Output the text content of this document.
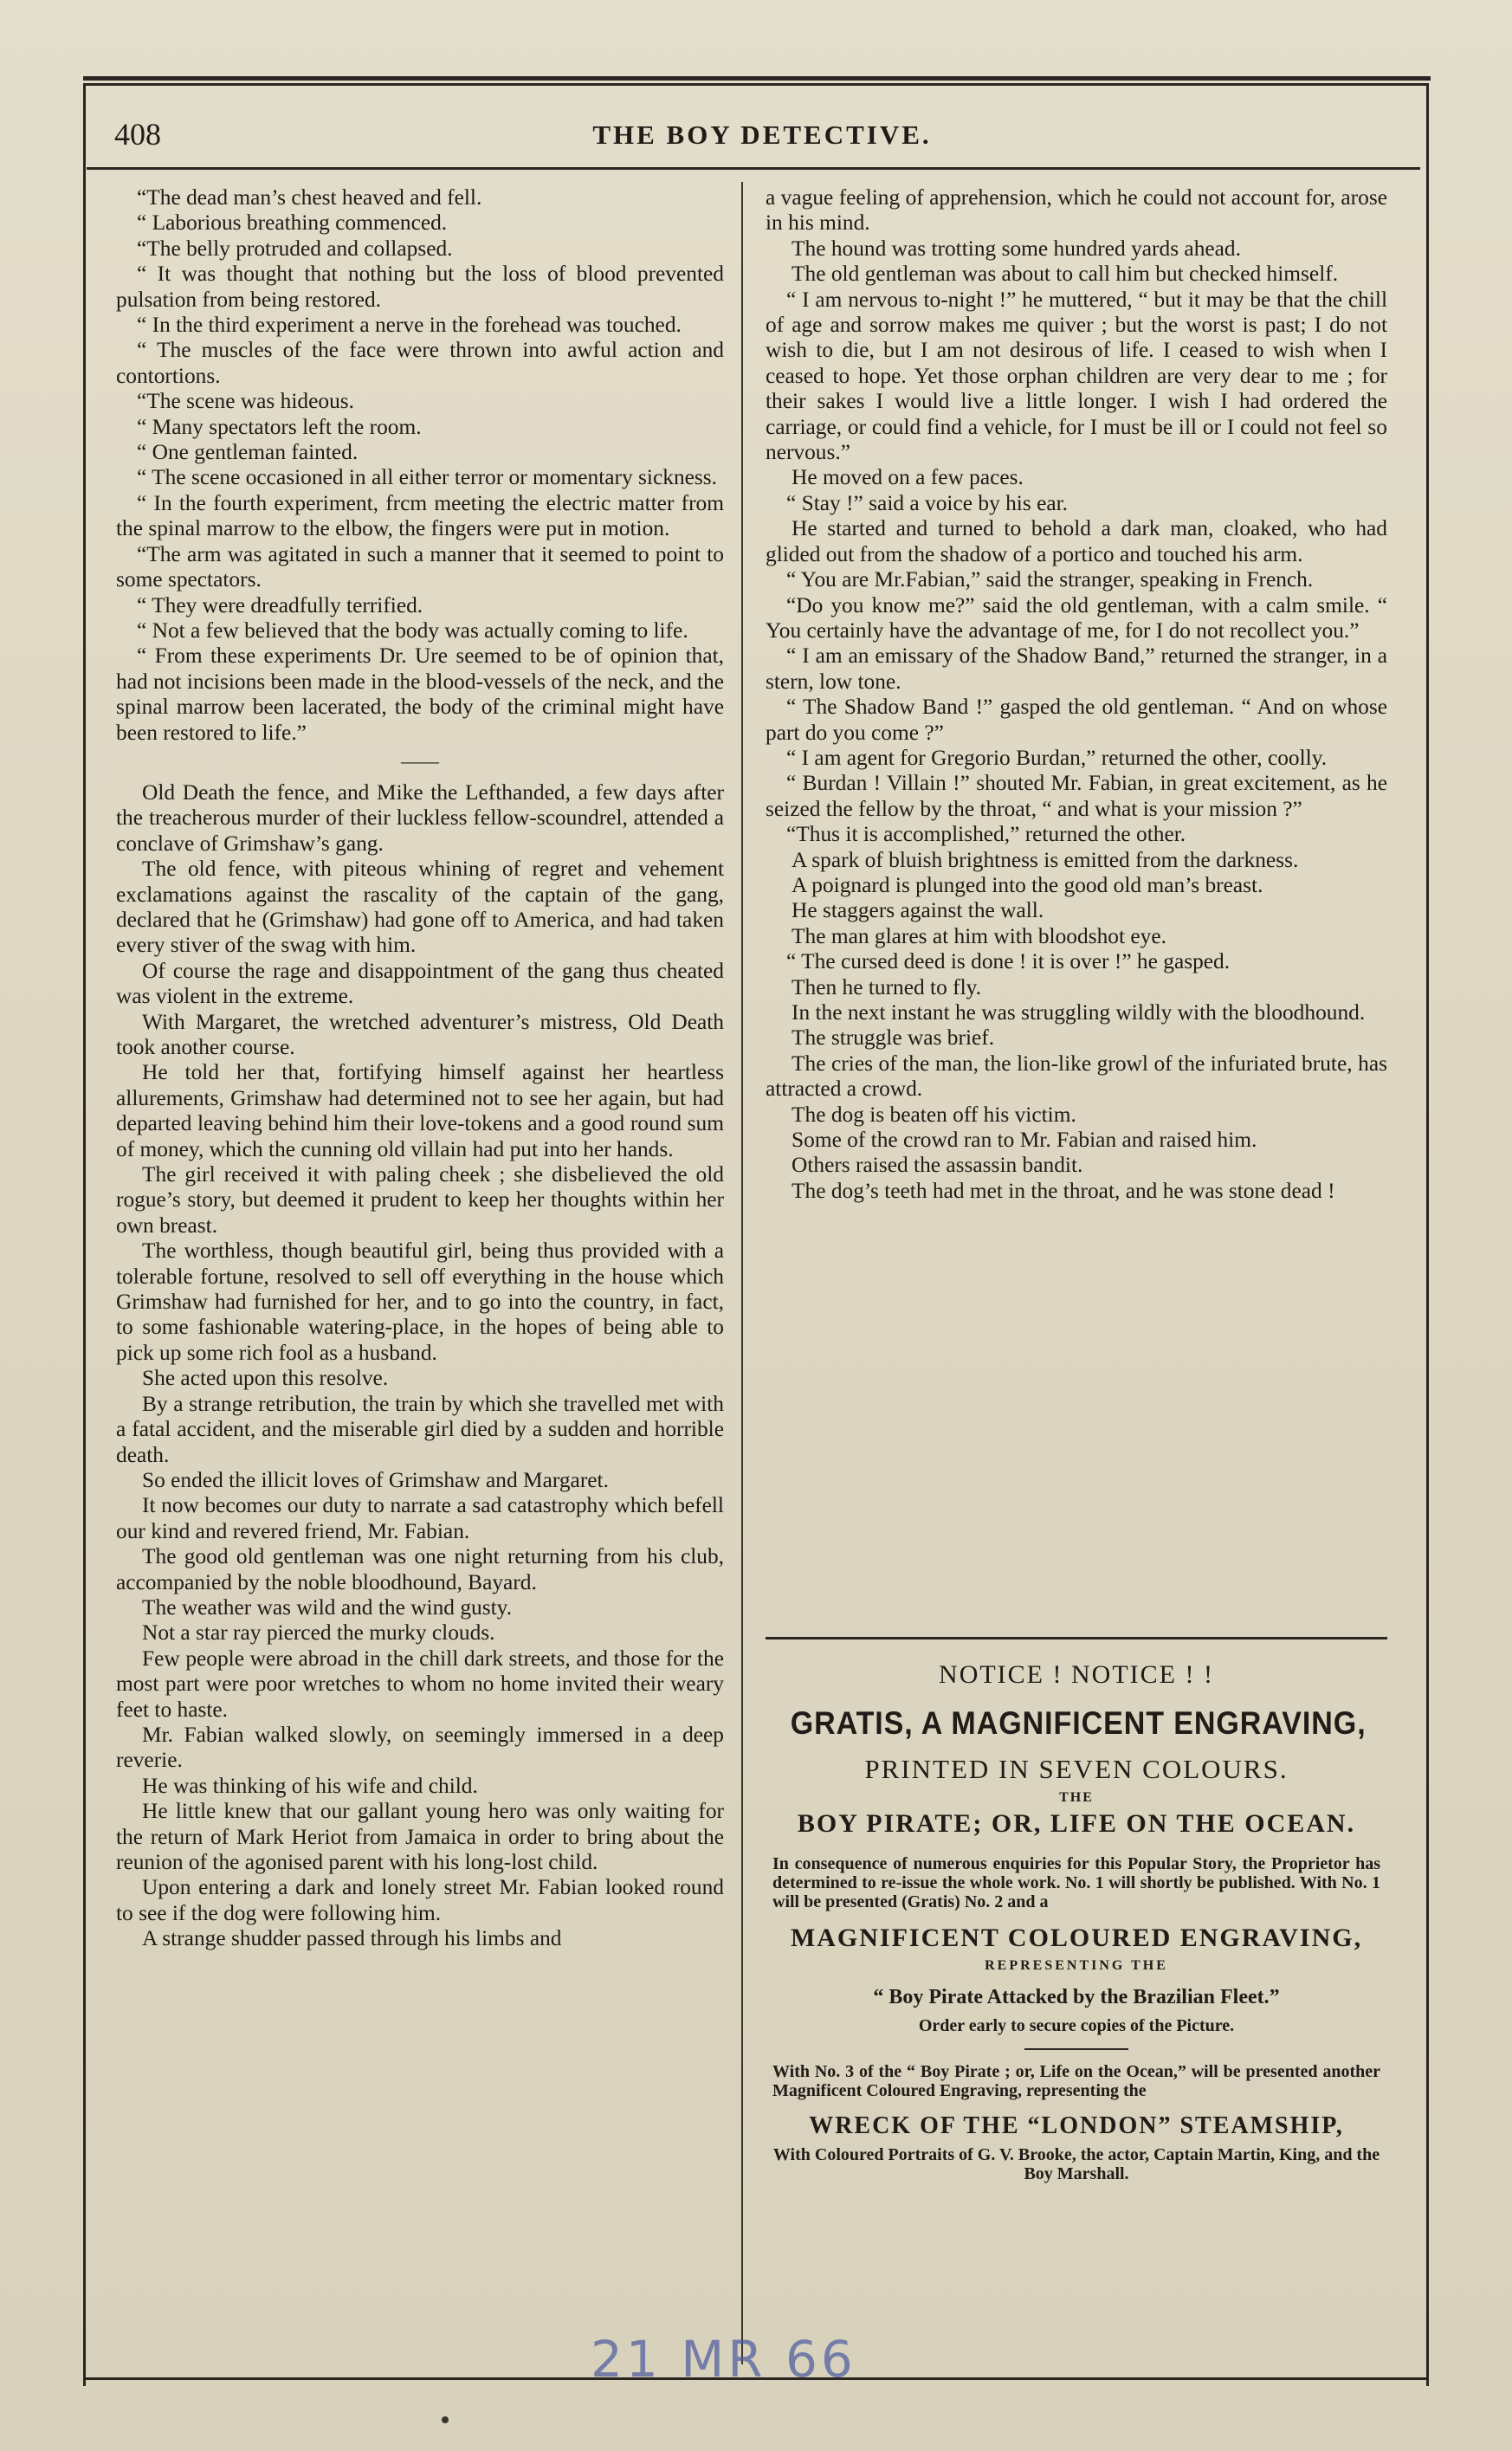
408	THE BOY DETECTIVE.

“The dead man’s chest heaved and fell.

“ Laborious breathing commenced.

“The belly protruded and collapsed.

“ It was thought that nothing but the loss of blood prevented pulsation from being restored.

“ In the third experiment a nerve in the forehead was touched.

“ The muscles of the face were thrown into awful action and contortions.

“The scene was hideous.

“ Many spectators left the room.

“ One gentleman fainted.

“ The scene occasioned in all either terror or momentary sickness.

“ In the fourth experiment, frcm meeting the electric matter from the spinal marrow to the elbow, the fingers were put in motion.

“The arm was agitated in such a manner that it seemed to point to some spectators.

“ They were dreadfully terrified.

“ Not a few believed that the body was actually coming to life.

“ From these experiments Dr. Ure seemed to be of opinion that, had not incisions been made in the blood-vessels of the neck, and the spinal marrow been lacerated, the body of the criminal might have been restored to life.”

——

Old Death the fence, and Mike the Lefthanded, a few days after the treacherous murder of their luckless fellow-scoundrel, attended a conclave of Grimshaw’s gang.

The old fence, with piteous whining of regret and vehement exclamations against the rascality of the captain of the gang, declared that he (Grimshaw) had gone off to America, and had taken every stiver of the swag with him.

Of course the rage and disappointment of the gang thus cheated was violent in the extreme.

With Margaret, the wretched adventurer’s mistress, Old Death took another course.

He told her that, fortifying himself against her heartless allurements, Grimshaw had determined not to see her again, but had departed leaving behind him their love-tokens and a good round sum of money, which the cunning old villain had put into her hands.

The girl received it with paling cheek ; she disbelieved the old rogue’s story, but deemed it prudent to keep her thoughts within her own breast.

The worthless, though beautiful girl, being thus provided with a tolerable fortune, resolved to sell off everything in the house which Grimshaw had furnished for her, and to go into the country, in fact, to some fashionable watering-place, in the hopes of being able to pick up some rich fool as a husband.

She acted upon this resolve.

By a strange retribution, the train by which she travelled met with a fatal accident, and the miserable girl died by a sudden and horrible death.

So ended the illicit loves of Grimshaw and Margaret.

It now becomes our duty to narrate a sad catastrophy which befell our kind and revered friend, Mr. Fabian.

The good old gentleman was one night returning from his club, accompanied by the noble bloodhound, Bayard.

The weather was wild and the wind gusty.

Not a star ray pierced the murky clouds.

Few people were abroad in the chill dark streets, and those for the most part were poor wretches to whom no home invited their weary feet to haste.

Mr. Fabian walked slowly, on seemingly immersed in a deep reverie.

He was thinking of his wife and child.

He little knew that our gallant young hero was only waiting for the return of Mark Heriot from Jamaica in order to bring about the reunion of the agonised parent with his long-lost child.

Upon entering a dark and lonely street Mr. Fabian looked round to see if the dog were following him.

A strange shudder passed through his limbs and

a vague feeling of apprehension, which he could not account for, arose in his mind.

The hound was trotting some hundred yards ahead.

The old gentleman was about to call him but checked himself.

“ I am nervous to-night !” he muttered, “ but it may be that the chill of age and sorrow makes me quiver ; but the worst is past; I do not wish to die, but I am not desirous of life. I ceased to wish when I ceased to hope. Yet those orphan children are very dear to me ; for their sakes I would live a little longer. I wish I had ordered the carriage, or could find a vehicle, for I must be ill or I could not feel so nervous.”

He moved on a few paces.

“ Stay !” said a voice by his ear.

He started and turned to behold a dark man, cloaked, who had glided out from the shadow of a portico and touched his arm.

“ You are Mr.Fabian,” said the stranger, speaking in French.

“Do you know me?” said the old gentleman, with a calm smile. “ You certainly have the advantage of me, for I do not recollect you.”

“ I am an emissary of the Shadow Band,” returned the stranger, in a stern, low tone.

“ The Shadow Band !” gasped the old gentleman. “ And on whose part do you come ?”

“ I am agent for Gregorio Burdan,” returned the other, coolly.

“ Burdan ! Villain !” shouted Mr. Fabian, in great excitement, as he seized the fellow by the throat, “ and what is your mission ?”

“Thus it is accomplished,” returned the other.

A spark of bluish brightness is emitted from the darkness.

A poignard is plunged into the good old man’s breast.

He staggers against the wall.

The man glares at him with bloodshot eye.

“ The cursed deed is done ! it is over !” he gasped.

Then he turned to fly.

In the next instant he was struggling wildly with the bloodhound.

The struggle was brief.

The cries of the man, the lion-like growl of the infuriated brute, has attracted a crowd.

The dog is beaten off his victim.

Some of the crowd ran to Mr. Fabian and raised him.

Others raised the assassin bandit.

The dog’s teeth had met in the throat, and he was stone dead !

NOTICE ! NOTICE ! !
GRATIS, A MAGNIFICENT ENGRAVING,
PRINTED IN SEVEN COLOURS.
THE
BOY PIRATE; OR, LIFE ON THE OCEAN.
In consequence of numerous enquiries for this Popular Story, the Proprietor has determined to re-issue the whole work. No. 1 will shortly be published. With No. 1 will be presented (Gratis) No. 2 and a
MAGNIFICENT COLOURED ENGRAVING,
REPRESENTING THE
“ Boy Pirate Attacked by the Brazilian Fleet.”
Order early to secure copies of the Picture.
With No. 3 of the “ Boy Pirate ; or, Life on the Ocean,” will be presented another Magnificent Coloured Engraving, representing the
WRECK OF THE “LONDON” STEAMSHIP,
With Coloured Portraits of G. V. Brooke, the actor, Captain Martin, King, and the Boy Marshall.
21 MR 66
